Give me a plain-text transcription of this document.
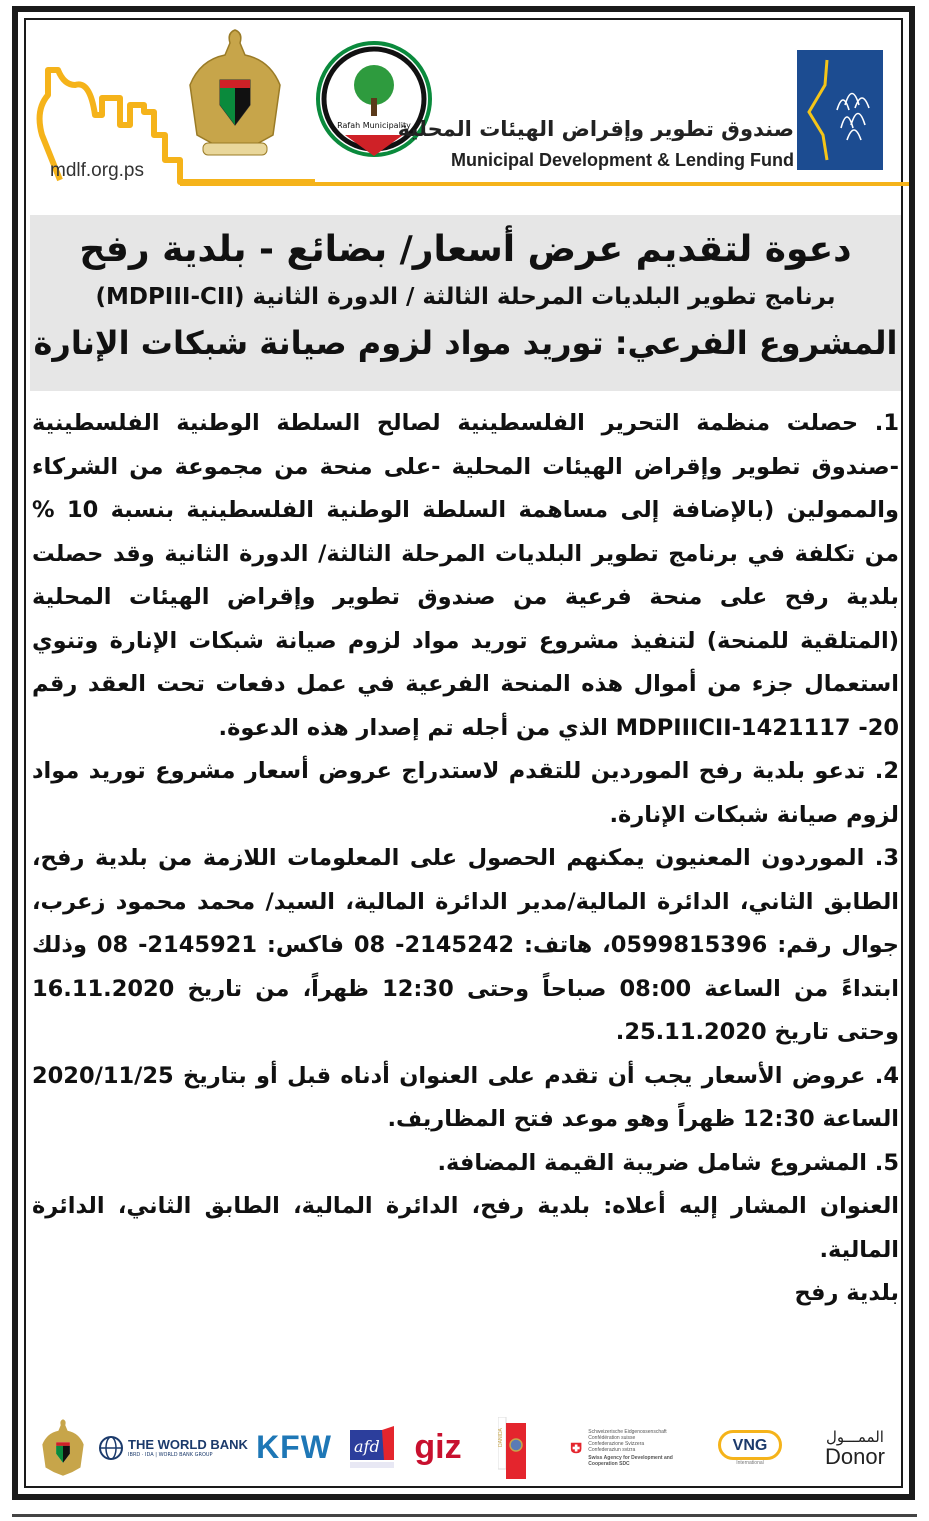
mdlf.org.ps
Rafah Municipality
صندوق تطوير وإقراض الهيئات المحلية
Municipal Development & Lending Fund
دعوة لتقديم عرض أسعار/ بضائع - بلدية رفح
برنامج تطوير البلديات المرحلة الثالثة / الدورة الثانية (MDPIII-CII)
المشروع الفرعي: توريد مواد لزوم صيانة شبكات الإنارة

1. حصلت منظمة التحرير الفلسطينية لصالح السلطة الوطنية الفلسطينية -صندوق تطوير وإقراض الهيئات المحلية -على منحة من مجموعة من الشركاء والممولين (بالإضافة إلى مساهمة السلطة الوطنية الفلسطينية بنسبة 10 % من تكلفة في برنامج تطوير البلديات المرحلة الثالثة/ الدورة الثانية وقد حصلت بلدية رفح على منحة فرعية من صندوق تطوير وإقراض الهيئات المحلية (المتلقية للمنحة) لتنفيذ مشروع توريد مواد لزوم صيانة شبكات الإنارة وتنوي استعمال جزء من أموال هذه المنحة الفرعية في عمل دفعات تحت العقد رقم 20- MDPIIICII-1421117 الذي من أجله تم إصدار هذه الدعوة.

2. تدعو بلدية رفح الموردين للتقدم لاستدراج عروض أسعار مشروع توريد مواد لزوم صيانة شبكات الإنارة.

3. الموردون المعنيون يمكنهم الحصول على المعلومات اللازمة من بلدية رفح، الطابق الثاني، الدائرة المالية/مدير الدائرة المالية، السيد/ محمد محمود زعرب، جوال رقم: 0599815396، هاتف: 2145242- 08 فاكس: 2145921- 08 وذلك ابتداءً من الساعة 08:00 صباحاً وحتى 12:30 ظهراً، من تاريخ 16.11.2020 وحتى تاريخ 25.11.2020.

4. عروض الأسعار يجب أن تقدم على العنوان أدناه قبل أو بتاريخ 2020/11/25 الساعة 12:30 ظهراً وهو موعد فتح المظاريف.

5. المشروع شامل ضريبة القيمة المضافة.

العنوان المشار إليه أعلاه: بلدية رفح، الدائرة المالية، الطابق الثاني، الدائرة المالية.

بلدية رفح

THE WORLD BANK
IBRD · IDA | WORLD BANK GROUP	KFW afd giz	DANIDA	Schweizerische Eidgenossenschaft
Confédération suisse
Confederazione Svizzera
Confederaziun svizra
Swiss Agency for Development and Cooperation SDC
VNG
International
الممـــول
Donor
